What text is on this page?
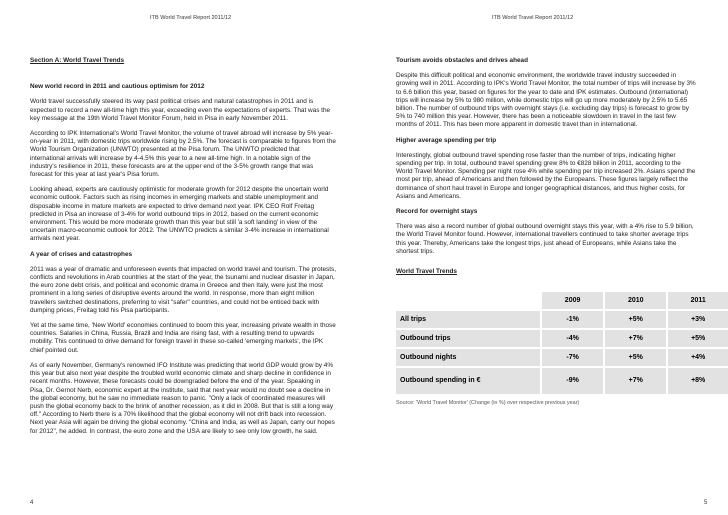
ITB World Travel Report 2011/12

Section A: World Travel Trends

New world record in 2011 and cautious optimism for 2012

World travel successfully steered its way past political crises and natural catastrophes in 2011 and is expected to record a new all-time high this year, exceeding even the expectations of experts. That was the key message at the 19th World Travel Monitor Forum, held in Pisa in early November 2011.

According to IPK International's World Travel Monitor, the volume of travel abroad will increase by 5% year-on-year in 2011, with domestic trips worldwide rising by 2.5%. The forecast is comparable to figures from the World Tourism Organization (UNWTO) presented at the Pisa forum. The UNWTO predicted that international arrivals will increase by 4-4.5% this year to a new all-time high. In a notable sign of the industry's resilience in 2011, these forecasts are at the upper end of the 3-5% growth range that was forecast for this year at last year's Pisa forum.

Looking ahead, experts are cautiously optimistic for moderate growth for 2012 despite the uncertain world economic outlook. Factors such as rising incomes in emerging markets and stable unemployment and disposable income in mature markets are expected to drive demand next year. IPK CEO Rolf Freitag predicted in Pisa an increase of 3-4% for world outbound trips in 2012, based on the current economic environment. This would be more moderate growth than this year but still 'a soft landing' in view of the uncertain macro-economic outlook for 2012. The UNWTO predicts a similar 3-4% increase in international arrivals next year.

A year of crises and catastrophes

2011 was a year of dramatic and unforeseen events that impacted on world travel and tourism. The protests, conflicts and revolutions in Arab countries at the start of the year, the tsunami and nuclear disaster in Japan, the euro zone debt crisis, and political and economic drama in Greece and then Italy, were just the most prominent in a long series of disruptive events around the world. In response, more than eight million travellers switched destinations, preferring to visit "safer" countries, and could not be enticed back with dumping prices, Freitag told his Pisa participants.

Yet at the same time, 'New World' economies continued to boom this year, increasing private wealth in those countries. Salaries in China, Russia, Brazil and India are rising fast, with a resulting trend to upwards mobility. This continued to drive demand for foreign travel in these so-called 'emerging markets', the IPK chief pointed out.

As of early November, Germany's renowned IFO Institute was predicting that world GDP would grow by 4% this year but also next year despite the troubled world economic climate and sharp decline in confidence in recent months. However, these forecasts could be downgraded before the end of the year. Speaking in Pisa, Dr. Gernot Nerb, economic expert at the institute, said that next year would no doubt see a decline in the global economy, but he saw no immediate reason to panic. "Only a lack of coordinated measures will push the global economy back to the brink of another recession, as it did in 2008. But that is still a long way off." According to Nerb there is a 70% likelihood that the global economy will not drift back into recession. Next year Asia will again be driving the global economy. "China and India, as well as Japan, carry our hopes for 2012", he added. In contrast, the euro zone and the USA are likely to see only low growth, he said.

4
ITB World Travel Report 2011/12

Tourism avoids obstacles and drives ahead

Despite this difficult political and economic environment, the worldwide travel industry succeeded in growing well in 2011. According to IPK's World Travel Monitor, the total number of trips will increase by 3% to 6.6 billion this year, based on figures for the year to date and IPK estimates. Outbound (international) trips will increase by 5% to 980 million, while domestic trips will go up more moderately by 2.5% to 5.65 billion. The number of outbound trips with overnight stays (i.e. excluding day trips) is forecast to grow by 5% to 740 million this year. However, there has been a noticeable slowdown in travel in the last few months of 2011. This has been more apparent in domestic travel than in international.

Higher average spending per trip

Interestingly, global outbound travel spending rose faster than the number of trips, indicating higher spending per trip. In total, outbound travel spending grew 8% to €828 billion in 2011, according to the World Travel Monitor. Spending per night rose 4% while spending per trip increased 2%. Asians spend the most per trip, ahead of Americans and then followed by the Europeans. These figures largely reflect the dominance of short haul travel in Europe and longer geographical distances, and thus higher costs, for Asians and Americans.

Record for overnight stays

There was also a record number of global outbound overnight stays this year, with a 4% rise to 5.9 billion, the World Travel Monitor found. However, international travellers continued to take shorter average trips this year. Thereby, Americans take the longest trips, just ahead of Europeans, while Asians take the shortest trips.

World Travel Trends

	2009	2010	2011
All trips	-1%	+5%	+3%
Outbound trips	-4%	+7%	+5%
Outbound nights	-7%	+5%	+4%
Outbound spending in €	-9%	+7%	+8%
Source: 'World Travel Monitor' (Change (in %) over respective previous year)
5
